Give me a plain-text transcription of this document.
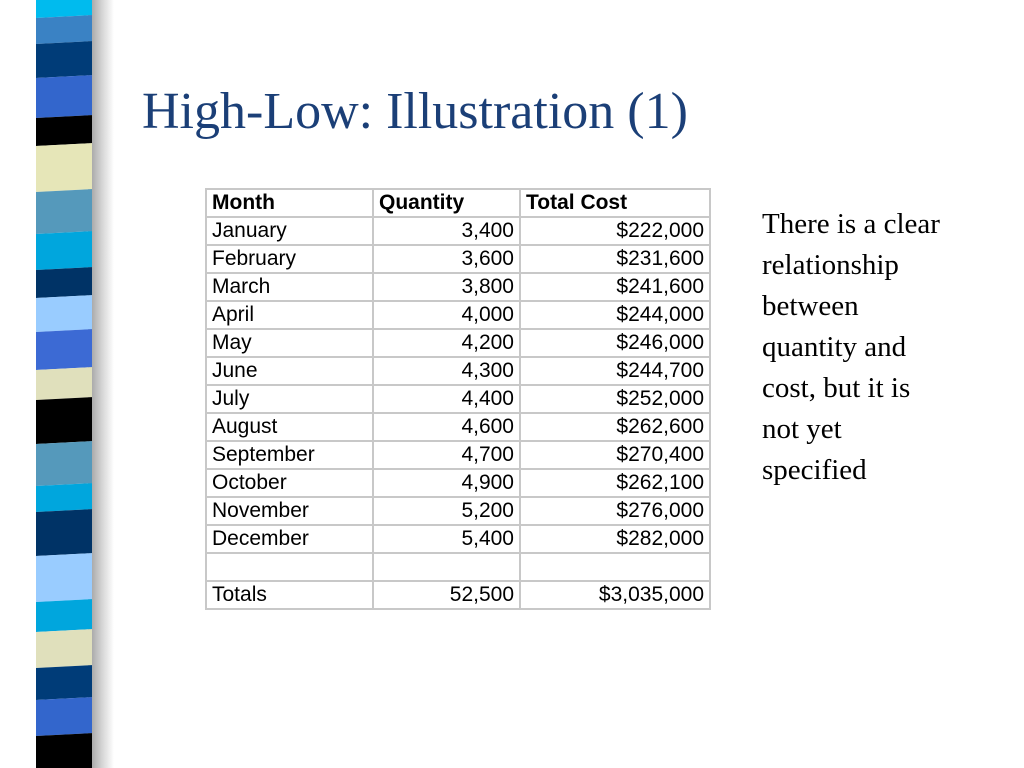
High-Low: Illustration (1)
Month	Quantity	Total Cost
January	3,400	$222,000
February	3,600	$231,600
March	3,800	$241,600
April	4,000	$244,000
May	4,200	$246,000
June	4,300	$244,700
July	4,400	$252,000
August	4,600	$262,600
September	4,700	$270,400
October	4,900	$262,100
November	5,200	$276,000
December	5,400	$282,000

Totals	52,500	$3,035,000
There is a clear relationship between quantity and cost, but it is not yet specified
